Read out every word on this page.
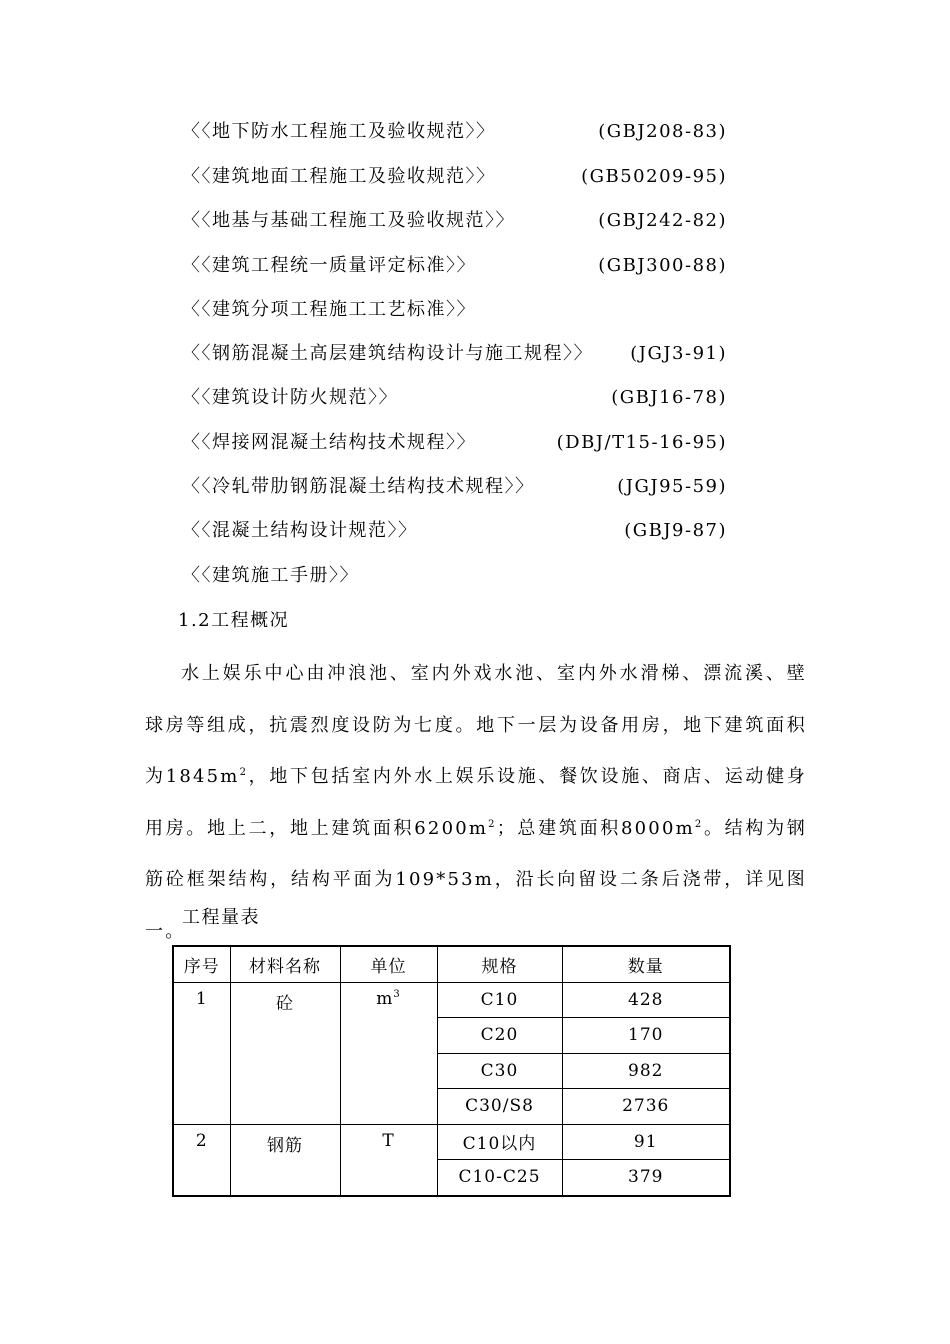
〈〈地下防水工程施工及验收规范〉〉	(GBJ208-83)
〈〈建筑地面工程施工及验收规范〉〉	(GB50209-95)
〈〈地基与基础工程施工及验收规范〉〉	(GBJ242-82)
〈〈建筑工程统一质量评定标准〉〉	(GBJ300-88)
〈〈建筑分项工程施工工艺标准〉〉
〈〈钢筋混凝土高层建筑结构设计与施工规程〉〉 (JGJ3-91)
〈〈建筑设计防火规范〉〉	(GBJ16-78)
〈〈焊接网混凝土结构技术规程〉〉	(DBJ/T15-16-95)
〈〈冷轧带肋钢筋混凝土结构技术规程〉〉	(JGJ95-59)
〈〈混凝土结构设计规范〉〉	(GBJ9-87)
〈〈建筑施工手册〉〉
1.2工程概况
水上娱乐中心由冲浪池、室内外戏水池、室内外水滑梯、漂流溪、壁球房等组成，抗震烈度设防为七度。地下一层为设备用房，地下建筑面积为$1845m^2$，地下包括室内外水上娱乐设施、餐饮设施、商店、运动健身用房。地上二，地上建筑面积$6200m^2$；总建筑面积$8000m^2$。结构为钢筋砼框架结构，结构平面为109*53m，沿长向留设二条后浇带，详见图一。
工程量表
序号	材料名称	单位	规格	数量
1	砼	$m^3$	C10	428
			C20	170
			C30	982
			C30/S8	2736
2	钢筋	T	C10以内	91
			C10-C25	379
